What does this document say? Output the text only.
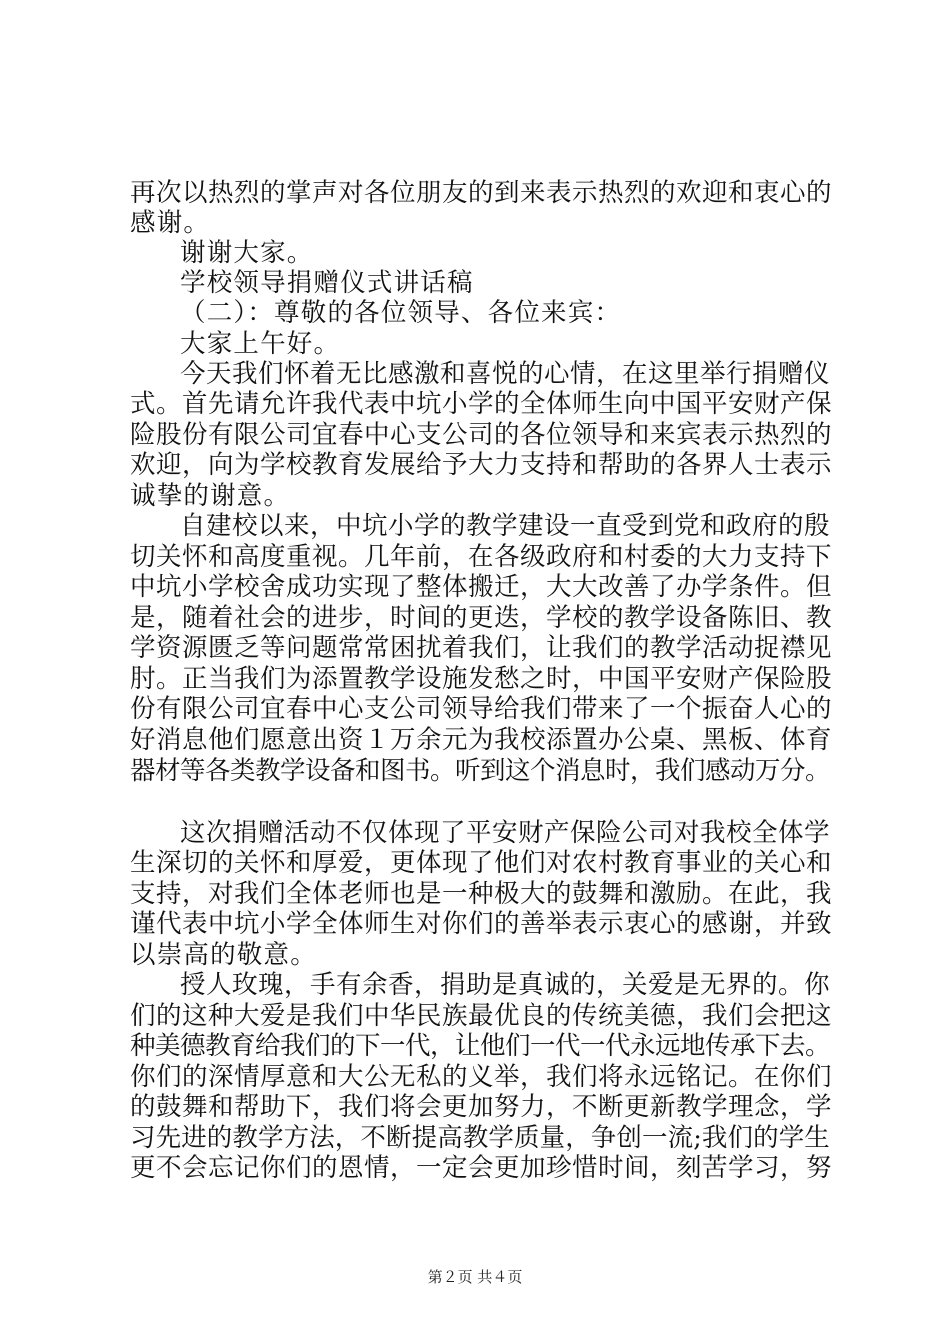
再次以热烈的掌声对各位朋友的到来表示热烈的欢迎和衷心的
感谢。
谢谢大家。
学校领导捐赠仪式讲话稿
（二）：尊敬的各位领导、各位来宾：
大家上午好。
今天我们怀着无比感激和喜悦的心情，在这里举行捐赠仪
式。首先请允许我代表中坑小学的全体师生向中国平安财产保
险股份有限公司宜春中心支公司的各位领导和来宾表示热烈的
欢迎，向为学校教育发展给予大力支持和帮助的各界人士表示
诚挚的谢意。
自建校以来，中坑小学的教学建设一直受到党和政府的殷
切关怀和高度重视。几年前，在各级政府和村委的大力支持下
中坑小学校舍成功实现了整体搬迁，大大改善了办学条件。但
是，随着社会的进步，时间的更迭，学校的教学设备陈旧、教
学资源匮乏等问题常常困扰着我们，让我们的教学活动捉襟见
肘。正当我们为添置教学设施发愁之时，中国平安财产保险股
份有限公司宜春中心支公司领导给我们带来了一个振奋人心的
好消息他们愿意出资１万余元为我校添置办公桌、黑板、体育
器材等各类教学设备和图书。听到这个消息时，我们感动万分。
这次捐赠活动不仅体现了平安财产保险公司对我校全体学
生深切的关怀和厚爱，更体现了他们对农村教育事业的关心和
支持，对我们全体老师也是一种极大的鼓舞和激励。在此，我
谨代表中坑小学全体师生对你们的善举表示衷心的感谢，并致
以崇高的敬意。
授人玫瑰，手有余香，捐助是真诚的，关爱是无界的。你
们的这种大爱是我们中华民族最优良的传统美德，我们会把这
种美德教育给我们的下一代，让他们一代一代永远地传承下去。
你们的深情厚意和大公无私的义举，我们将永远铭记。在你们
的鼓舞和帮助下，我们将会更加努力，不断更新教学理念，学
习先进的教学方法，不断提高教学质量，争创一流;我们的学生
更不会忘记你们的恩情，一定会更加珍惜时间，刻苦学习，努
第２页 共４页
